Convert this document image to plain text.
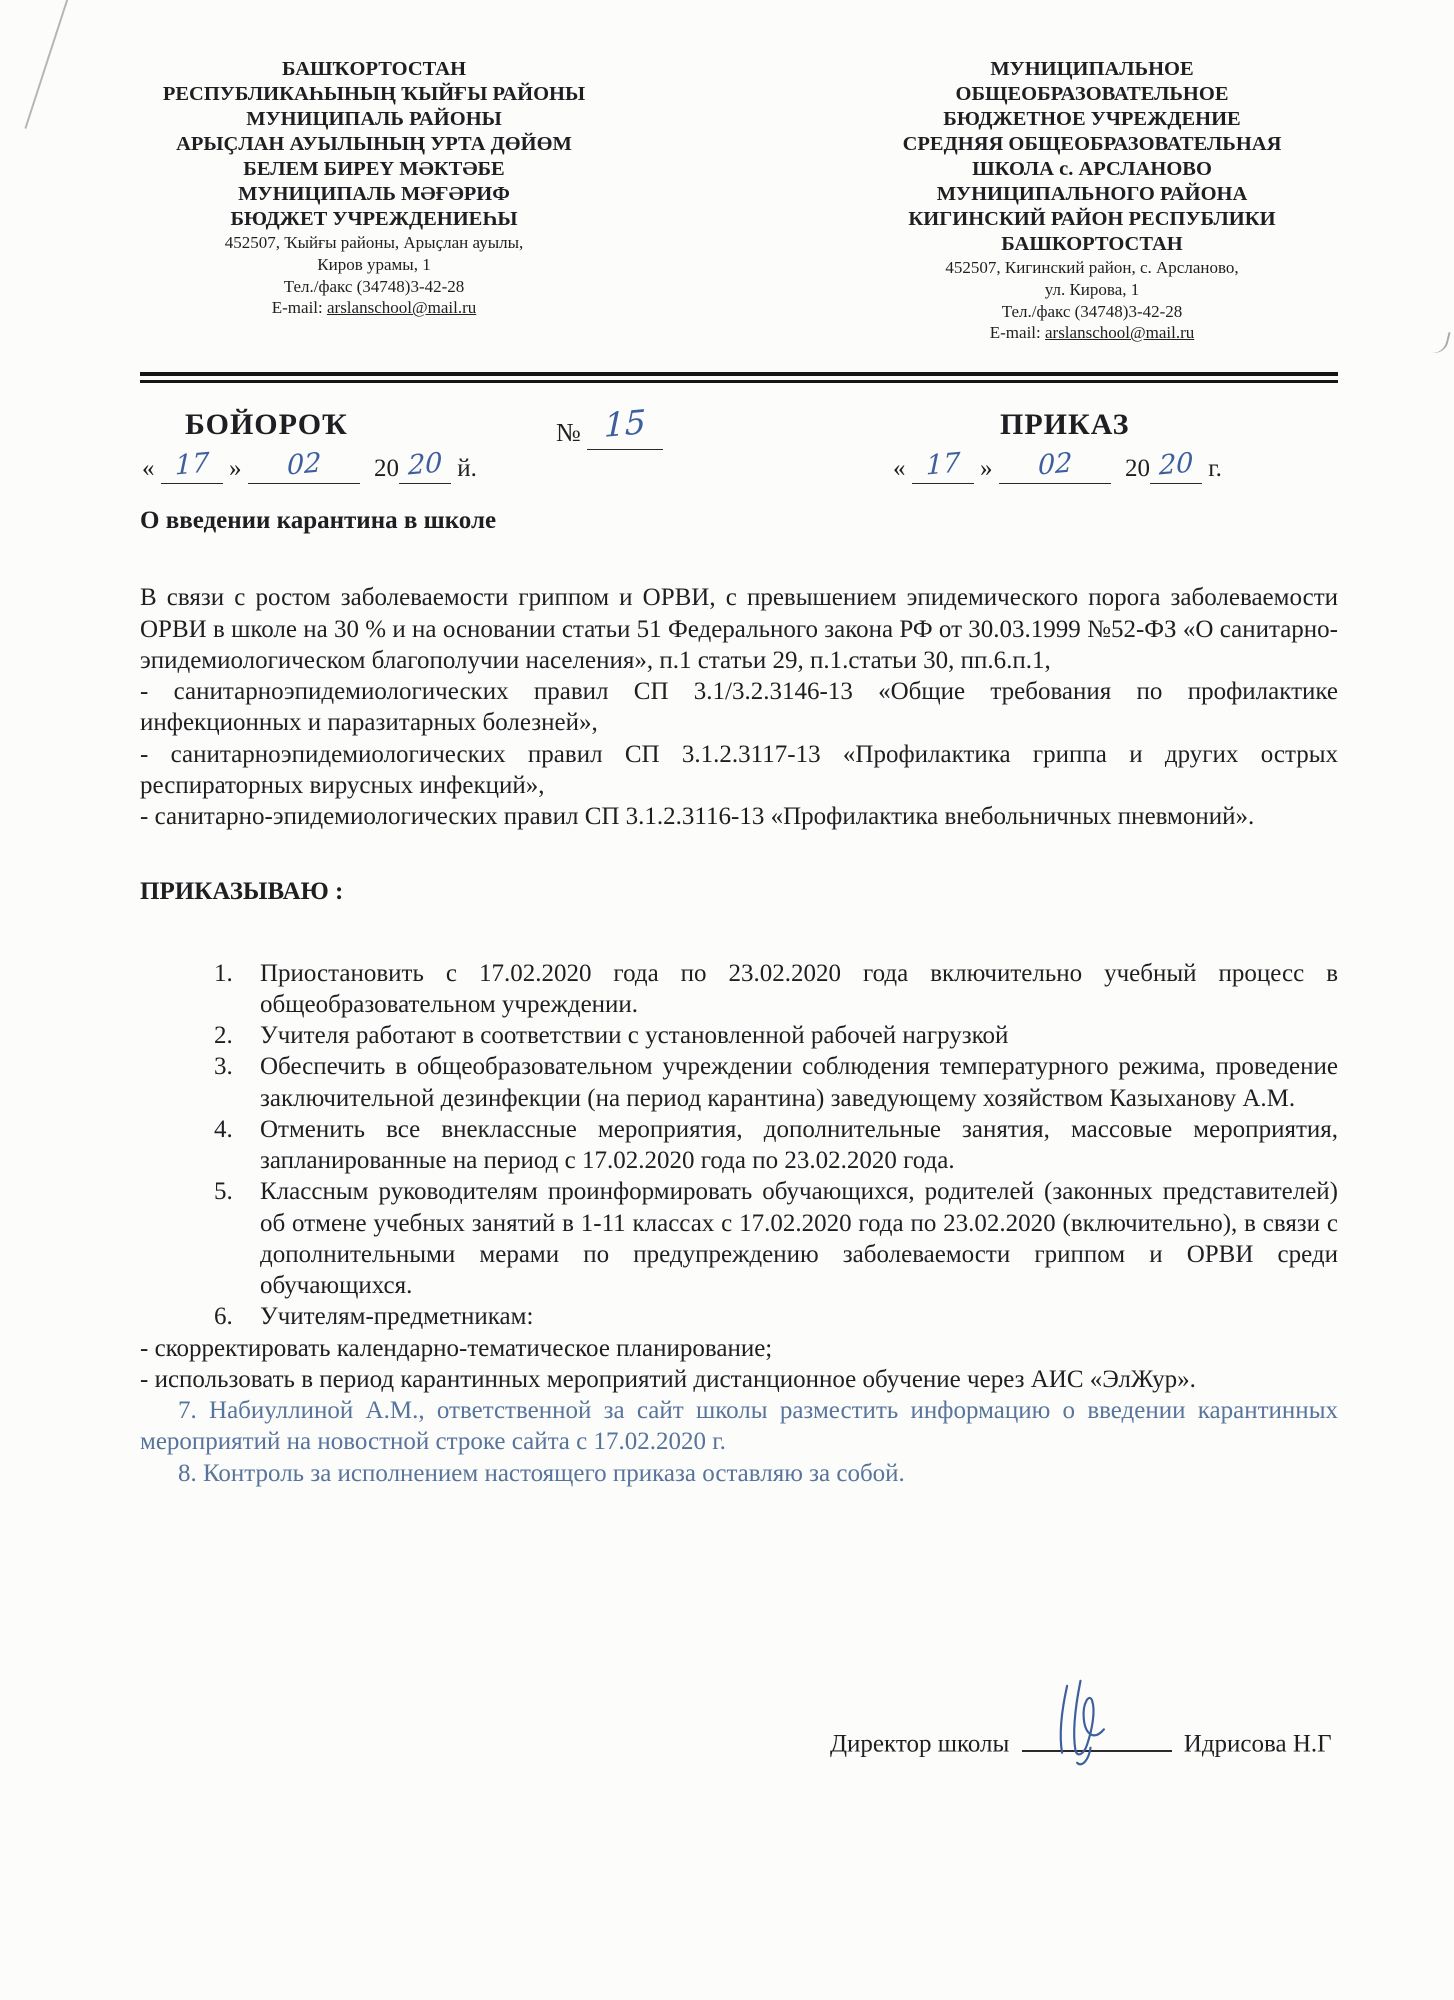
БАШҠОРТОСТАН
РЕСПУБЛИКАҺЫНЫҢ ҠЫЙҒЫ РАЙОНЫ
МУНИЦИПАЛЬ РАЙОНЫ
АРЫҪЛАН АУЫЛЫНЫҢ УРТА ДӨЙӨМ
БЕЛЕМ БИРЕҮ МӘКТӘБЕ
МУНИЦИПАЛЬ МӘҒӘРИФ
БЮДЖЕТ УЧРЕЖДЕНИЕҺЫ
452507, Ҡыйғы районы, Арыҫлан ауылы,
Киров урамы, 1
Тел./факс (34748)3-42-28
E-mail: arslanschool@mail.ru
МУНИЦИПАЛЬНОЕ
ОБЩЕОБРАЗОВАТЕЛЬНОЕ
БЮДЖЕТНОЕ УЧРЕЖДЕНИЕ
СРЕДНЯЯ ОБЩЕОБРАЗОВАТЕЛЬНАЯ
ШКОЛА с. АРСЛАНОВО
МУНИЦИПАЛЬНОГО РАЙОНА
КИГИНСКИЙ РАЙОН РЕСПУБЛИКИ
БАШКОРТОСТАН
452507, Кигинский район, с. Арсланово,
ул. Кирова, 1
Тел./факс (34748)3-42-28
E-mail: arslanschool@mail.ru
БОЙОРОҠ	№ 15	ПРИКАЗ
« 17 » 02 20 20 й.	« 17 » 02 20 20 г.
О введении карантина в школе

В связи с ростом заболеваемости гриппом и ОРВИ, с превышением эпидемического порога заболеваемости ОРВИ в школе на 30 % и на основании статьи 51 Федерального закона РФ от 30.03.1999 №52-ФЗ «О санитарно-эпидемиологическом благополучии населения», п.1 статьи 29, п.1.статьи 30, пп.6.п.1,

- санитарноэпидемиологических правил СП 3.1/3.2.3146-13 «Общие требования по профилактике инфекционных и паразитарных болезней»,

- санитарноэпидемиологических правил СП 3.1.2.3117-13 «Профилактика гриппа и других острых респираторных вирусных инфекций»,

- санитарно-эпидемиологических правил СП 3.1.2.3116-13 «Профилактика внебольничных пневмоний».

ПРИКАЗЫВАЮ :
1. Приостановить с 17.02.2020 года по 23.02.2020 года включительно учебный процесс в общеобразовательном учреждении.
2. Учителя работают в соответствии с установленной рабочей нагрузкой
3. Обеспечить в общеобразовательном учреждении соблюдения температурного режима, проведение заключительной дезинфекции (на период карантина) заведующему хозяйством Казыханову А.М.
4. Отменить все внеклассные мероприятия, дополнительные занятия, массовые мероприятия, запланированные на период с 17.02.2020 года по 23.02.2020 года.
5. Классным руководителям проинформировать обучающихся, родителей (законных представителей) об отмене учебных занятий в 1-11 классах с 17.02.2020 года по 23.02.2020 (включительно), в связи с дополнительными мерами по предупреждению заболеваемости гриппом и ОРВИ среди обучающихся.
6. Учителям-предметникам:
- скорректировать календарно-тематическое планирование;
- использовать в период карантинных мероприятий дистанционное обучение через АИС «ЭлЖур».
7. Набиуллиной А.М., ответственной за сайт школы разместить информацию о введении карантинных мероприятий на новостной строке сайта с 17.02.2020 г.
8. Контроль за исполнением настоящего приказа оставляю за собой.
Директор школы	Идрисова Н.Г
